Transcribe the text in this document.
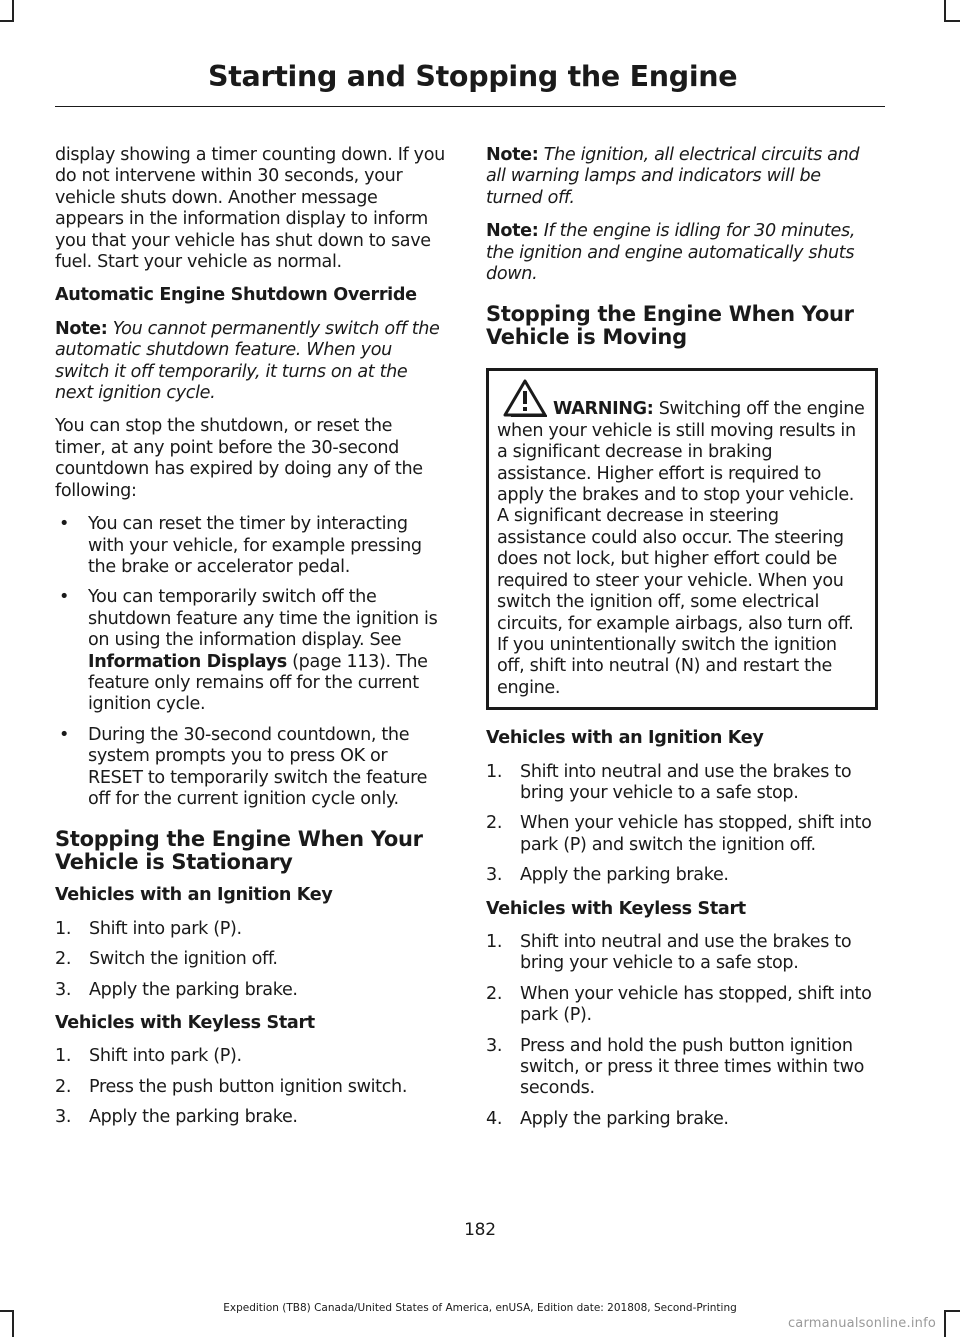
Starting and Stopping the Engine

display showing a timer counting down. If you do not intervene within 30 seconds, your vehicle shuts down. Another message appears in the information display to inform you that your vehicle has shut down to save fuel. Start your vehicle as normal.

Automatic Engine Shutdown Override

Note: You cannot permanently switch off the automatic shutdown feature. When you switch it off temporarily, it turns on at the next ignition cycle.

You can stop the shutdown, or reset the timer, at any point before the 30-second countdown has expired by doing any of the following:

• You can reset the timer by interacting with your vehicle, for example pressing the brake or accelerator pedal.
• You can temporarily switch off the shutdown feature any time the ignition is on using the information display. See Information Displays (page 113). The feature only remains off for the current ignition cycle.
• During the 30-second countdown, the system prompts you to press OK or RESET to temporarily switch the feature off for the current ignition cycle only.
Stopping the Engine When Your Vehicle is Stationary

Vehicles with an Ignition Key

1. Shift into park (P).
2. Switch the ignition off.
3. Apply the parking brake.

Vehicles with Keyless Start

1. Shift into park (P).
2. Press the push button ignition switch.
3. Apply the parking brake.

Note: The ignition, all electrical circuits and all warning lamps and indicators will be turned off.

Note: If the engine is idling for 30 minutes, the ignition and engine automatically shuts down.

Stopping the Engine When Your Vehicle is Moving

WARNING: Switching off the engine when your vehicle is still moving results in a significant decrease in braking assistance. Higher effort is required to apply the brakes and to stop your vehicle. A significant decrease in steering assistance could also occur. The steering does not lock, but higher effort could be required to steer your vehicle. When you switch the ignition off, some electrical circuits, for example airbags, also turn off. If you unintentionally switch the ignition off, shift into neutral (N) and restart the engine.

Vehicles with an Ignition Key

1. Shift into neutral and use the brakes to bring your vehicle to a safe stop.
2. When your vehicle has stopped, shift into park (P) and switch the ignition off.
3. Apply the parking brake.

Vehicles with Keyless Start

1. Shift into neutral and use the brakes to bring your vehicle to a safe stop.
2. When your vehicle has stopped, shift into park (P).
3. Press and hold the push button ignition switch, or press it three times within two seconds.
4. Apply the parking brake.
182
Expedition (TB8) Canada/United States of America, enUSA, Edition date: 201808, Second-Printing
carmanualsonline.info
